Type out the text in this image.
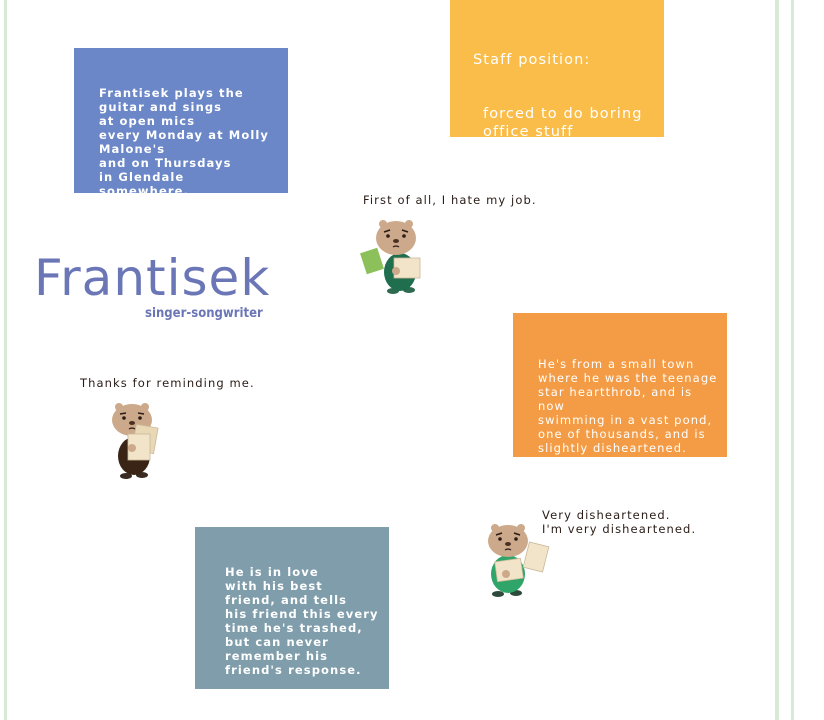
Frantisek plays the
guitar and sings
at open mics
every Monday at Molly
Malone's
and on Thursdays
in Glendale somewhere.

Staff position:

forced to do boring
office stuff

He's from a small town
where he was the teenage
star heartthrob, and is now
swimming in a vast pond,
one of thousands, and is
slightly disheartened.

He is in love
with his best
friend, and tells
his friend this every
time he's trashed,
but can never
remember his
friend's response.

Frantisek
singer-songwriter
First of all, I hate my job.
Thanks for reminding me.
Very disheartened.
I'm very disheartened.
